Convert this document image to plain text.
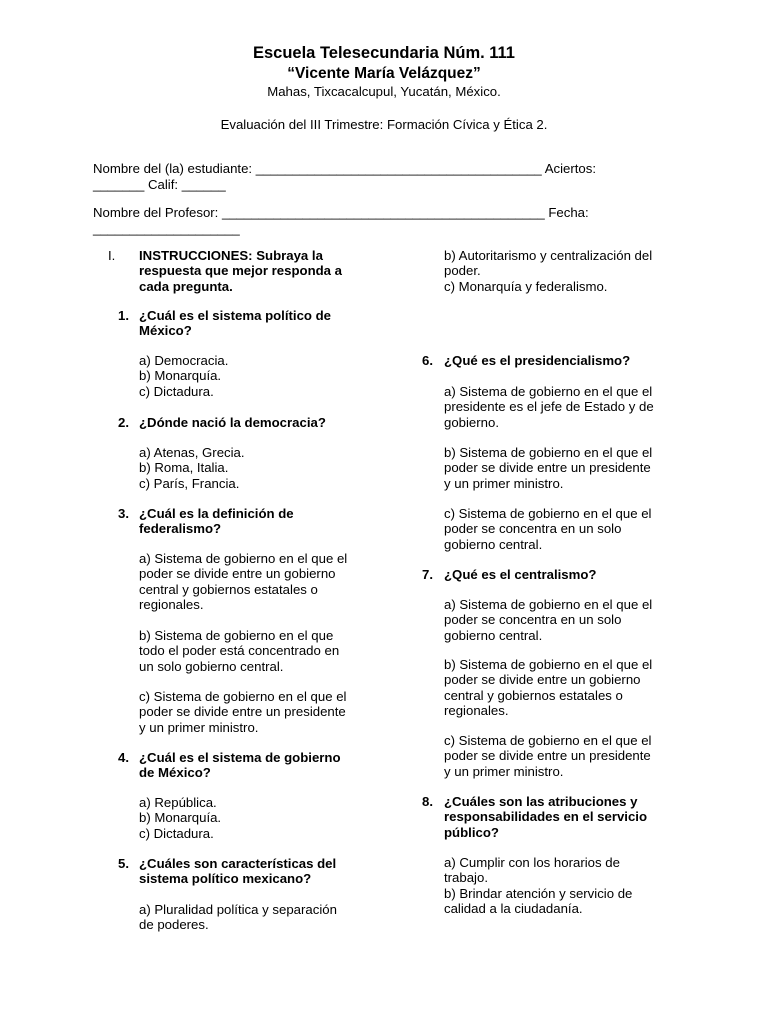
Escuela Telesecundaria Núm. 111
“Vicente María Velázquez”
Mahas, Tixcacalcupul, Yucatán, México.
Evaluación del III Trimestre: Formación Cívica y Ética 2.
Nombre del (la) estudiante: _______________________________________ Aciertos:
_______ Calif: ______
Nombre del Profesor: ____________________________________________ Fecha:
____________________
I. INSTRUCCIONES: Subraya la
respuesta que mejor responda a
cada pregunta.
1. ¿Cuál es el sistema político de
México?
a) Democracia.
b) Monarquía.
c) Dictadura.
2. ¿Dónde nació la democracia?
a) Atenas, Grecia.
b) Roma, Italia.
c) París, Francia.
3. ¿Cuál es la definición de
federalismo?
a) Sistema de gobierno en el que el
poder se divide entre un gobierno
central y gobiernos estatales o
regionales.
b) Sistema de gobierno en el que
todo el poder está concentrado en
un solo gobierno central.
c) Sistema de gobierno en el que el
poder se divide entre un presidente
y un primer ministro.
4. ¿Cuál es el sistema de gobierno
de México?
a) República.
b) Monarquía.
c) Dictadura.
5. ¿Cuáles son características del
sistema político mexicano?
a) Pluralidad política y separación
de poderes.
b) Autoritarismo y centralización del
poder.
c) Monarquía y federalismo.
6. ¿Qué es el presidencialismo?
a) Sistema de gobierno en el que el
presidente es el jefe de Estado y de
gobierno.
b) Sistema de gobierno en el que el
poder se divide entre un presidente
y un primer ministro.
c) Sistema de gobierno en el que el
poder se concentra en un solo
gobierno central.
7. ¿Qué es el centralismo?
a) Sistema de gobierno en el que el
poder se concentra en un solo
gobierno central.
b) Sistema de gobierno en el que el
poder se divide entre un gobierno
central y gobiernos estatales o
regionales.
c) Sistema de gobierno en el que el
poder se divide entre un presidente
y un primer ministro.
8. ¿Cuáles son las atribuciones y
responsabilidades en el servicio
público?
a) Cumplir con los horarios de
trabajo.
b) Brindar atención y servicio de
calidad a la ciudadanía.
